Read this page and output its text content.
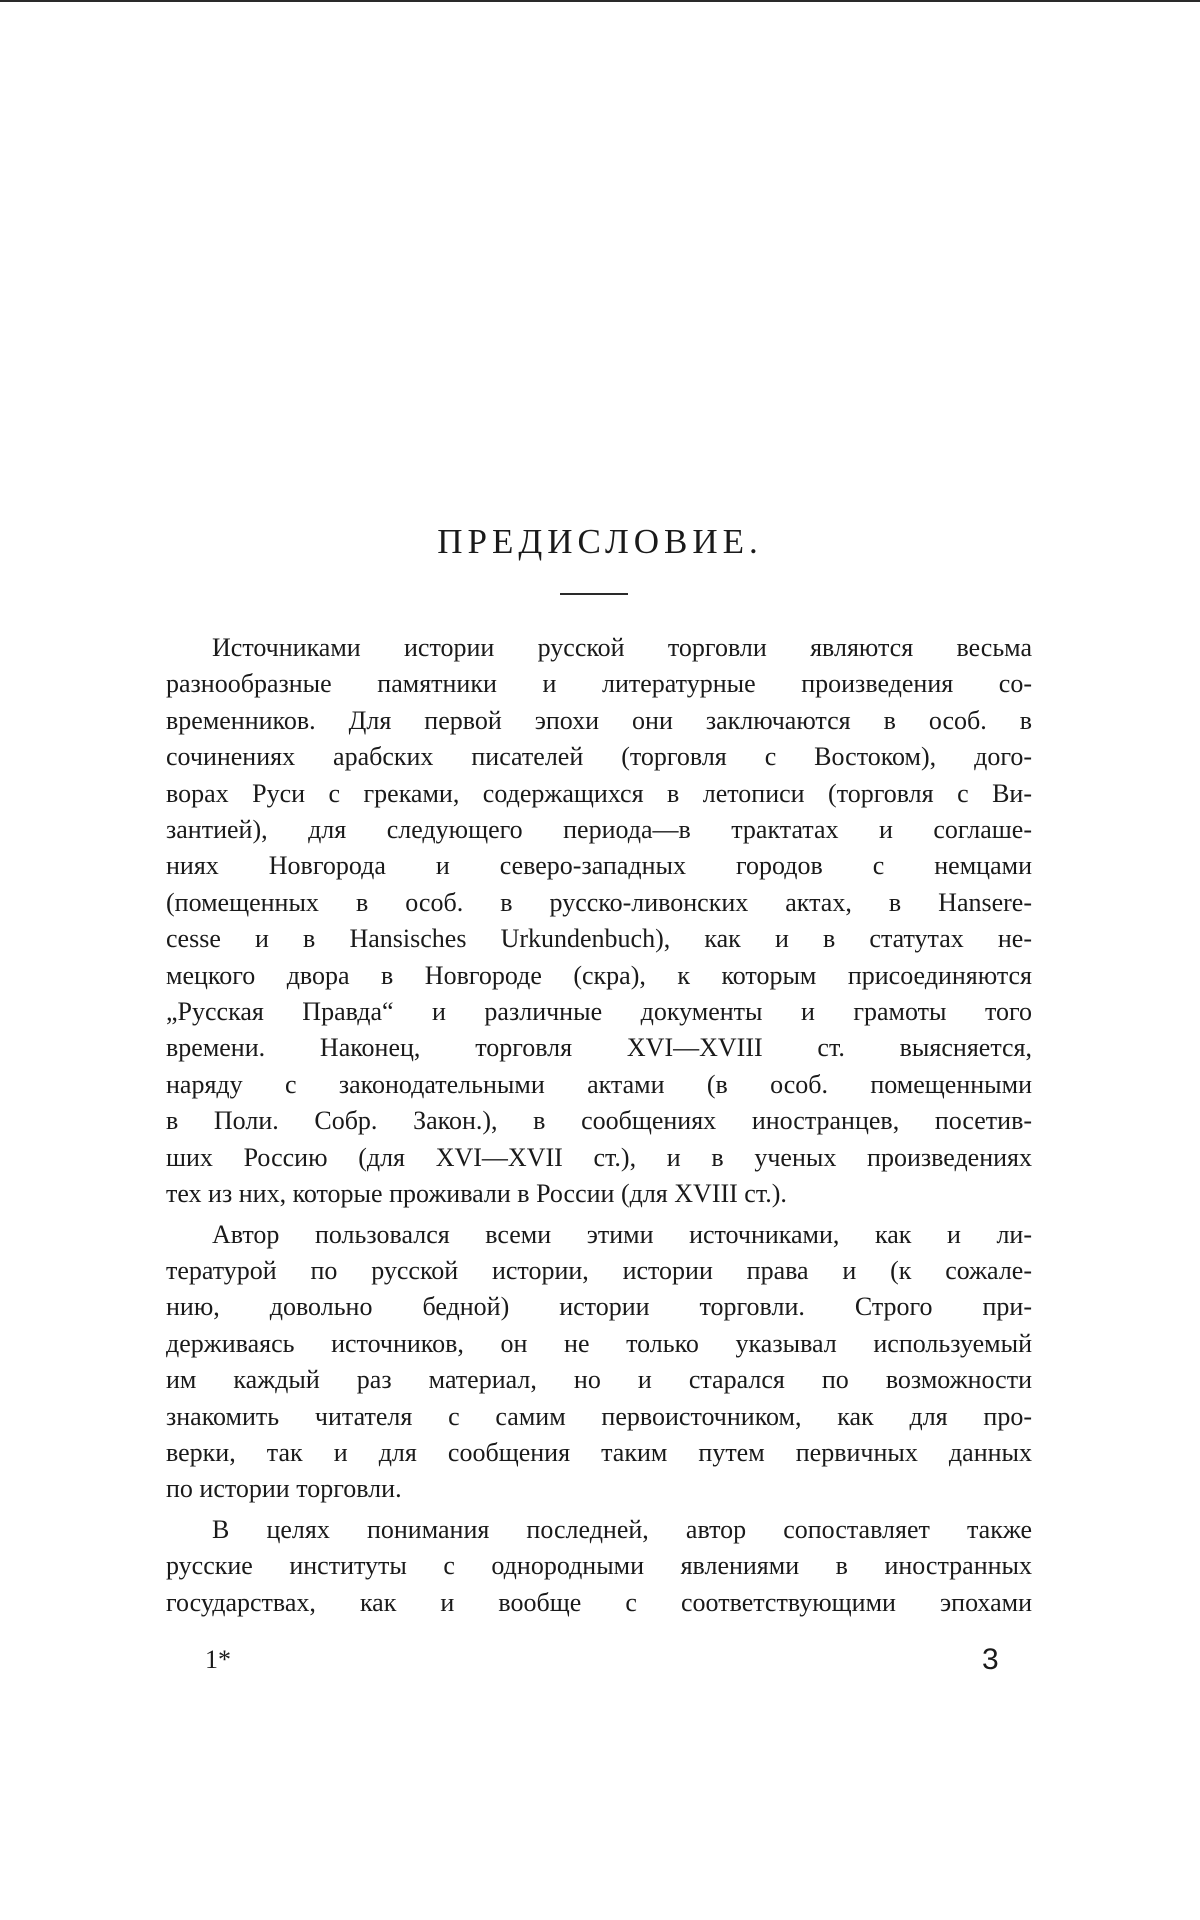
ПРЕДИСЛОВИЕ.

Источниками истории русской торговли являются весьма
разнообразные памятники и литературные произведения со-
временников. Для первой эпохи они заключаются в особ. в
сочинениях арабских писателей (торговля с Востоком), дого-
ворах Руси с греками, содержащихся в летописи (торговля с Ви-
зантией), для следующего периода—в трактатах и соглаше-
ниях Новгорода и северо-западных городов с немцами
(помещенных в особ. в русско-ливонских актах, в Hanserе-
cesse и в Hansisches Urkundenbuch), как и в статутах не-
мецкого двора в Новгороде (скра), к которым присоединяются
„Русская Правда“ и различные документы и грамоты того
времени. Наконец, торговля XVI—XVIII ст. выясняется,
наряду с законодательными актами (в особ. помещенными
в Поли. Собр. Закон.), в сообщениях иностранцев, посетив-
ших Россию (для XVI—XVII ст.), и в ученых произведениях
тех из них, которые проживали в России (для XVIII ст.).

Автор пользовался всеми этими источниками, как и ли-
тературой по русской истории, истории права и (к сожале-
нию, довольно бедной) истории торговли. Строго при-
держиваясь источников, он не только указывал используемый
им каждый раз материал, но и старался по возможности
знакомить читателя с самим первоисточником, как для про-
верки, так и для сообщения таким путем первичных данных
по истории торговли.

В целях понимания последней, автор сопоставляет также
русские институты с однородными явлениями в иностранных
государствах, как и вообще с соответствующими эпохами

1*	3
